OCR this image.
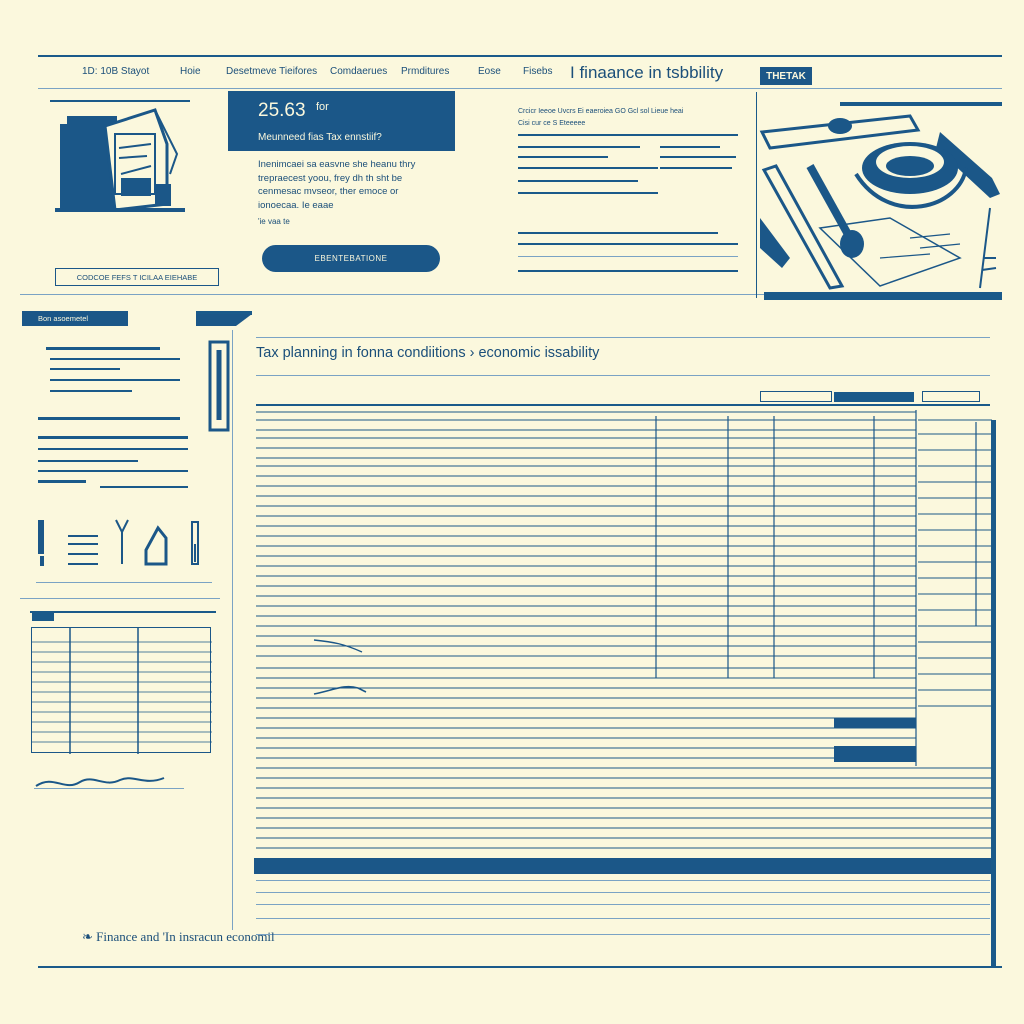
1D: 10B Stayot	Hoie	Desetmeve Tieifores Comdaerues Prmditures	Eose Fisebs I finaance in tsbbility	THETAK
25.63 for
Meunneed fias Tax ennstiif?
Inenimcaei sa easvne she heanu thry trepraecest yoou, frey dh th sht be cenmesac mvseor, ther emoce or ionoecaa. Ie eaae
'ie vaa te
EBENTEBATIONE
CODCOE FEFS T ICILAA EIEHABE
Crcicr Ieeoe Uvcrs Ei eaeroiea GO Gcl sol Lieue heai
Cisi cur ce S Eteeeee
Bon asoemetel
Tax planning in fonna condiitions › economic issability
❧ Finance and 'In insracun economil
